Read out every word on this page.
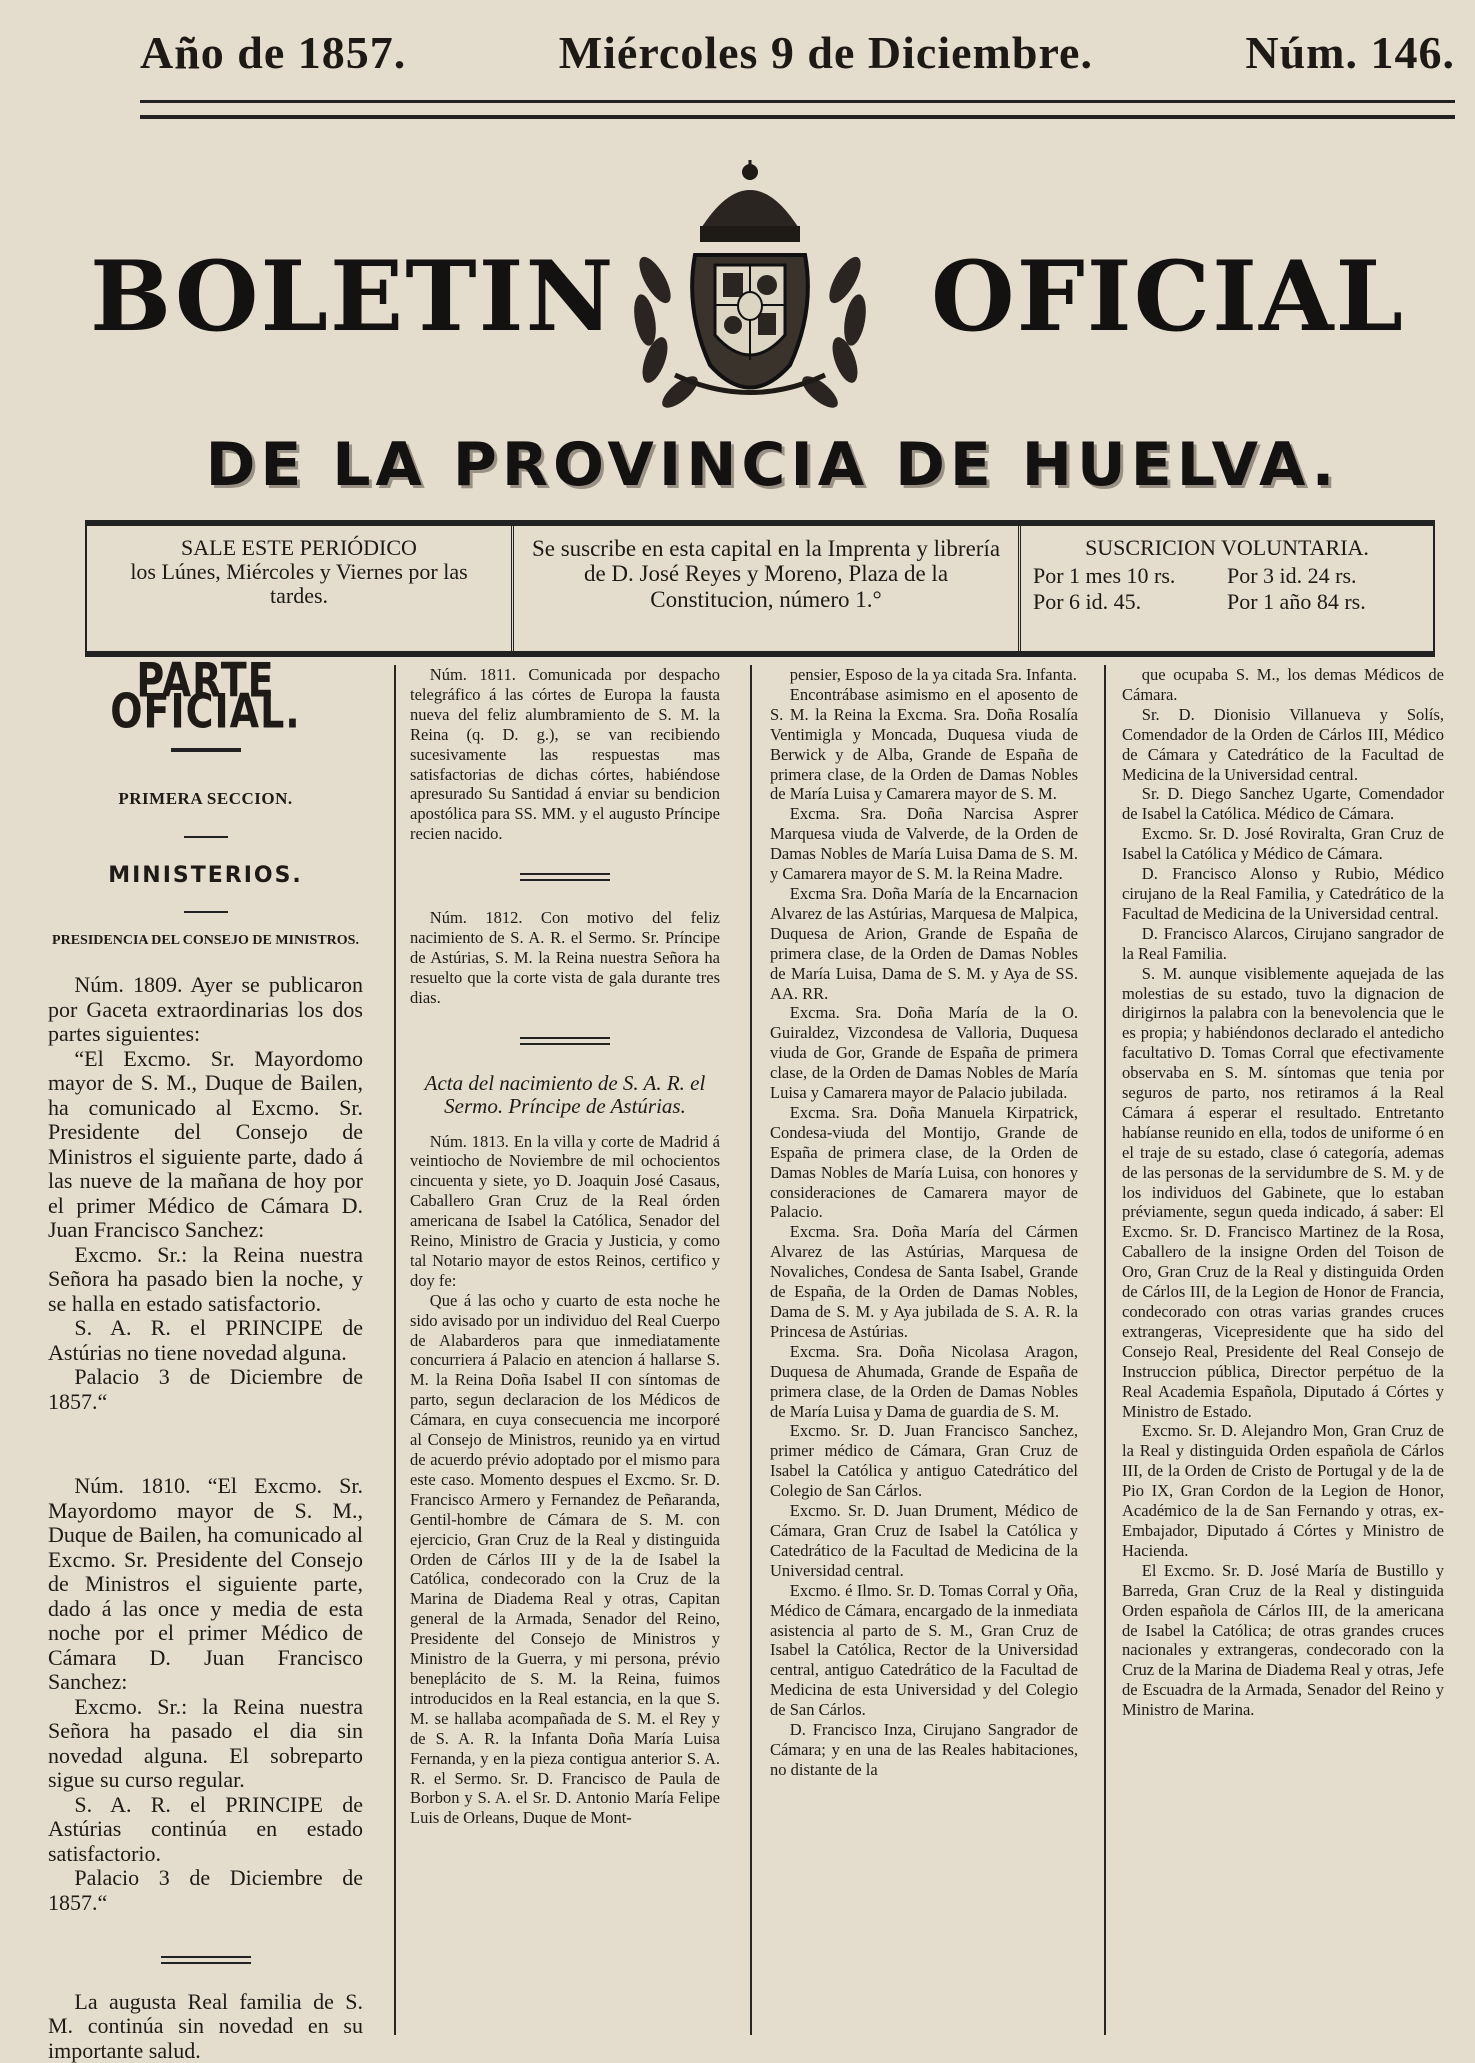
Año de 1857.	Miércoles 9 de Diciembre.	Núm. 146.
BOLETIN	OFICIAL
DE LA PROVINCIA DE HUELVA.
SALE ESTE PERIÓDICO
los Lúnes, Miércoles y Viernes por las tardes.
Se suscribe en esta capital en la Imprenta y librería de D. José Reyes y Moreno, Plaza de la Constitucion, número 1.°
SUSCRICION VOLUNTARIA.
Por 1 mes 10 rs.	Por 3 id. 24 rs.
Por 6 id. 45.	Por 1 año 84 rs.
PARTE OFICIAL.
PRIMERA SECCION.
MINISTERIOS.
PRESIDENCIA DEL CONSEJO DE MINISTROS.

Núm. 1809. Ayer se publicaron por Gaceta extraordinarias los dos partes siguientes:

“El Excmo. Sr. Mayordomo mayor de S. M., Duque de Bailen, ha comunicado al Excmo. Sr. Presidente del Consejo de Ministros el siguiente parte, dado á las nueve de la mañana de hoy por el primer Médico de Cámara D. Juan Francisco Sanchez:

Excmo. Sr.: la Reina nuestra Señora ha pasado bien la noche, y se halla en estado satisfactorio.

S. A. R. el PRINCIPE de Astúrias no tiene novedad alguna.

Palacio 3 de Diciembre de 1857.“

Núm. 1810. “El Excmo. Sr. Mayordomo mayor de S. M., Duque de Bailen, ha comunicado al Excmo. Sr. Presidente del Consejo de Ministros el siguiente parte, dado á las once y media de esta noche por el primer Médico de Cámara D. Juan Francisco Sanchez:

Excmo. Sr.: la Reina nuestra Señora ha pasado el dia sin novedad alguna. El sobreparto sigue su curso regular.

S. A. R. el PRINCIPE de Astúrias continúa en estado satisfactorio.

Palacio 3 de Diciembre de 1857.“

La augusta Real familia de S. M. continúa sin novedad en su importante salud.

Núm. 1811. Comunicada por despacho telegráfico á las córtes de Europa la fausta nueva del feliz alumbramiento de S. M. la Reina (q. D. g.), se van recibiendo sucesivamente las respuestas mas satisfactorias de dichas córtes, habiéndose apresurado Su Santidad á enviar su bendicion apostólica para SS. MM. y el augusto Príncipe recien nacido.

Núm. 1812. Con motivo del feliz nacimiento de S. A. R. el Sermo. Sr. Príncipe de Astúrias, S. M. la Reina nuestra Señora ha resuelto que la corte vista de gala durante tres dias.

Acta del nacimiento de S. A. R. el Sermo. Príncipe de Astúrias.

Núm. 1813. En la villa y corte de Madrid á veintiocho de Noviembre de mil ochocientos cincuenta y siete, yo D. Joaquin José Casaus, Caballero Gran Cruz de la Real órden americana de Isabel la Católica, Senador del Reino, Ministro de Gracia y Justicia, y como tal Notario mayor de estos Reinos, certifico y doy fe:

Que á las ocho y cuarto de esta noche he sido avisado por un individuo del Real Cuerpo de Alabarderos para que inmediatamente concurriera á Palacio en atencion á hallarse S. M. la Reina Doña Isabel II con síntomas de parto, segun declaracion de los Médicos de Cámara, en cuya consecuencia me incorporé al Consejo de Ministros, reunido ya en virtud de acuerdo prévio adoptado por el mismo para este caso. Momento despues el Excmo. Sr. D. Francisco Armero y Fernandez de Peñaranda, Gentil-hombre de Cámara de S. M. con ejercicio, Gran Cruz de la Real y distinguida Orden de Cárlos III y de la de Isabel la Católica, condecorado con la Cruz de la Marina de Diadema Real y otras, Capitan general de la Armada, Senador del Reino, Presidente del Consejo de Ministros y Ministro de la Guerra, y mi persona, prévio beneplácito de S. M. la Reina, fuimos introducidos en la Real estancia, en la que S. M. se hallaba acompañada de S. M. el Rey y de S. A. R. la Infanta Doña María Luisa Fernanda, y en la pieza contigua anterior S. A. R. el Sermo. Sr. D. Francisco de Paula de Borbon y S. A. el Sr. D. Antonio María Felipe Luis de Orleans, Duque de Mont-

pensier, Esposo de la ya citada Sra. Infanta.

Encontrábase asimismo en el aposento de S. M. la Reina la Excma. Sra. Doña Rosalía Ventimigla y Moncada, Duquesa viuda de Berwick y de Alba, Grande de España de primera clase, de la Orden de Damas Nobles de María Luisa y Camarera mayor de S. M.

Excma. Sra. Doña Narcisa Asprer Marquesa viuda de Valverde, de la Orden de Damas Nobles de María Luisa Dama de S. M. y Camarera mayor de S. M. la Reina Madre.

Excma Sra. Doña María de la Encarnacion Alvarez de las Astúrias, Marquesa de Malpica, Duquesa de Arion, Grande de España de primera clase, de la Orden de Damas Nobles de María Luisa, Dama de S. M. y Aya de SS. AA. RR.

Excma. Sra. Doña María de la O. Guiraldez, Vizcondesa de Valloria, Duquesa viuda de Gor, Grande de España de primera clase, de la Orden de Damas Nobles de María Luisa y Camarera mayor de Palacio jubilada.

Excma. Sra. Doña Manuela Kirpatrick, Condesa-viuda del Montijo, Grande de España de primera clase, de la Orden de Damas Nobles de María Luisa, con honores y consideraciones de Camarera mayor de Palacio.

Excma. Sra. Doña María del Cármen Alvarez de las Astúrias, Marquesa de Novaliches, Condesa de Santa Isabel, Grande de España, de la Orden de Damas Nobles, Dama de S. M. y Aya jubilada de S. A. R. la Princesa de Astúrias.

Excma. Sra. Doña Nicolasa Aragon, Duquesa de Ahumada, Grande de España de primera clase, de la Orden de Damas Nobles de María Luisa y Dama de guardia de S. M.

Excmo. Sr. D. Juan Francisco Sanchez, primer médico de Cámara, Gran Cruz de Isabel la Católica y antiguo Catedrático del Colegio de San Cárlos.

Excmo. Sr. D. Juan Drument, Médico de Cámara, Gran Cruz de Isabel la Católica y Catedrático de la Facultad de Medicina de la Universidad central.

Excmo. é Ilmo. Sr. D. Tomas Corral y Oña, Médico de Cámara, encargado de la inmediata asistencia al parto de S. M., Gran Cruz de Isabel la Católica, Rector de la Universidad central, antiguo Catedrático de la Facultad de Medicina de esta Universidad y del Colegio de San Cárlos.

D. Francisco Inza, Cirujano Sangrador de Cámara; y en una de las Reales habitaciones, no distante de la

que ocupaba S. M., los demas Médicos de Cámara.

Sr. D. Dionisio Villanueva y Solís, Comendador de la Orden de Cárlos III, Médico de Cámara y Catedrático de la Facultad de Medicina de la Universidad central.

Sr. D. Diego Sanchez Ugarte, Comendador de Isabel la Católica. Médico de Cámara.

Excmo. Sr. D. José Roviralta, Gran Cruz de Isabel la Católica y Médico de Cámara.

D. Francisco Alonso y Rubio, Médico cirujano de la Real Familia, y Catedrático de la Facultad de Medicina de la Universidad central.

D. Francisco Alarcos, Cirujano sangrador de la Real Familia.

S. M. aunque visiblemente aquejada de las molestias de su estado, tuvo la dignacion de dirigirnos la palabra con la benevolencia que le es propia; y habiéndonos declarado el antedicho facultativo D. Tomas Corral que efectivamente observaba en S. M. síntomas que tenia por seguros de parto, nos retiramos á la Real Cámara á esperar el resultado. Entretanto habíanse reunido en ella, todos de uniforme ó en el traje de su estado, clase ó categoría, ademas de las personas de la servidumbre de S. M. y de los individuos del Gabinete, que lo estaban préviamente, segun queda indicado, á saber: El Excmo. Sr. D. Francisco Martinez de la Rosa, Caballero de la insigne Orden del Toison de Oro, Gran Cruz de la Real y distinguida Orden de Cárlos III, de la Legion de Honor de Francia, condecorado con otras varias grandes cruces extrangeras, Vicepresidente que ha sido del Consejo Real, Presidente del Real Consejo de Instruccion pública, Director perpétuo de la Real Academia Española, Diputado á Córtes y Ministro de Estado.

Excmo. Sr. D. Alejandro Mon, Gran Cruz de la Real y distinguida Orden española de Cárlos III, de la Orden de Cristo de Portugal y de la de Pio IX, Gran Cordon de la Legion de Honor, Académico de la de San Fernando y otras, ex-Embajador, Diputado á Córtes y Ministro de Hacienda.

El Excmo. Sr. D. José María de Bustillo y Barreda, Gran Cruz de la Real y distinguida Orden española de Cárlos III, de la americana de Isabel la Católica; de otras grandes cruces nacionales y extrangeras, condecorado con la Cruz de la Marina de Diadema Real y otras, Jefe de Escuadra de la Armada, Senador del Reino y Ministro de Marina.
